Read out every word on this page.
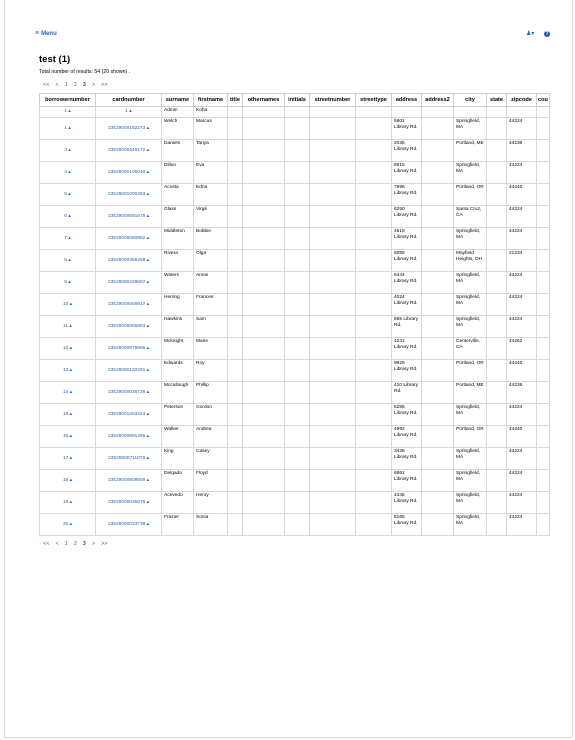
≡ Menu	♟▾ ?
test (1)
Total number of results: 54 (20 shown) .
<< < 1 2 3 > >>
borrowernumber	cardnumber	surname	firstname	title	othernames	initials	streetnumber	streettype	address	address2	city	state	zipcode	cou
1 ▴	1 ▴	Admin	Koha											
1 ▴	23529000152273 ▴	Welch	Marcus						5601 Library Rd.		Springfield, MA		44224	
3 ▴	23529000445172 ▴	Daniels	Tanya						2035 Library Rd.		Portland, ME		44236	
4 ▴	23529000105040 ▴	Dillon	Eva						8916 Library Rd.		Springfield, MA		44224	
5 ▴	23529001000463 ▴	Acosta	Edna						7896 Library Rd.		Portland, OR		44240	
6 ▴	23529000591678 ▴	Glass	Virgil						6250 Library Rd.		Santa Cruz, CA		44224	
7 ▴	23529000080862 ▴	Middleton	Bobbie						4619 Library Rd.		Springfield, MA		44224	
8 ▴	23529000358268 ▴	Rivera	Olga						6058 Library Rd.		Mayfield Heights, OH		21234	
9 ▴	23529000429697 ▴	Waters	Annie						5444 Library Rd.		Springfield, MA		44224	
10 ▴	23529000068917 ▴	Herring	Frances						4024 Library Rd.		Springfield, MA		44224	
11 ▴	23529000065863 ▴	Hawkins	Sam						665 Library Rd.		Springfield, MA		44224	
12 ▴	23529000878885 ▴	Mcknight	Marie						4241 Library Rd.		Centerville, CA		44262	
13 ▴	23529000132291 ▴	Edwards	Roy						9929 Library Rd.		Portland, OR		44240	
14 ▴	23529000035726 ▴	Mccullough	Phillip						410 Library Rd.		Portland, ME		44236	
15 ▴	23529001203323 ▴	Peterson	Gordon						6285 Library Rd.		Springfield, MA		44224	
16 ▴	23529000891265 ▴	Walker	Andrea						4992 Library Rd.		Portland, OR		44240	
17 ▴	23529000711078 ▴	King	Casey						3438 Library Rd.		Springfield, MA		44224	
18 ▴	23529000809559 ▴	Delgado	Floyd						6661 Library Rd.		Springfield, MA		44224	
19 ▴	23529000035676 ▴	Acevedo	Henry						4345 Library Rd.		Springfield, MA		44224	
20 ▴	23529000033739 ▴	Frazier	Sonia						8165 Library Rd.		Springfield, MA		44224	
<< < 1 2 3 > >>
